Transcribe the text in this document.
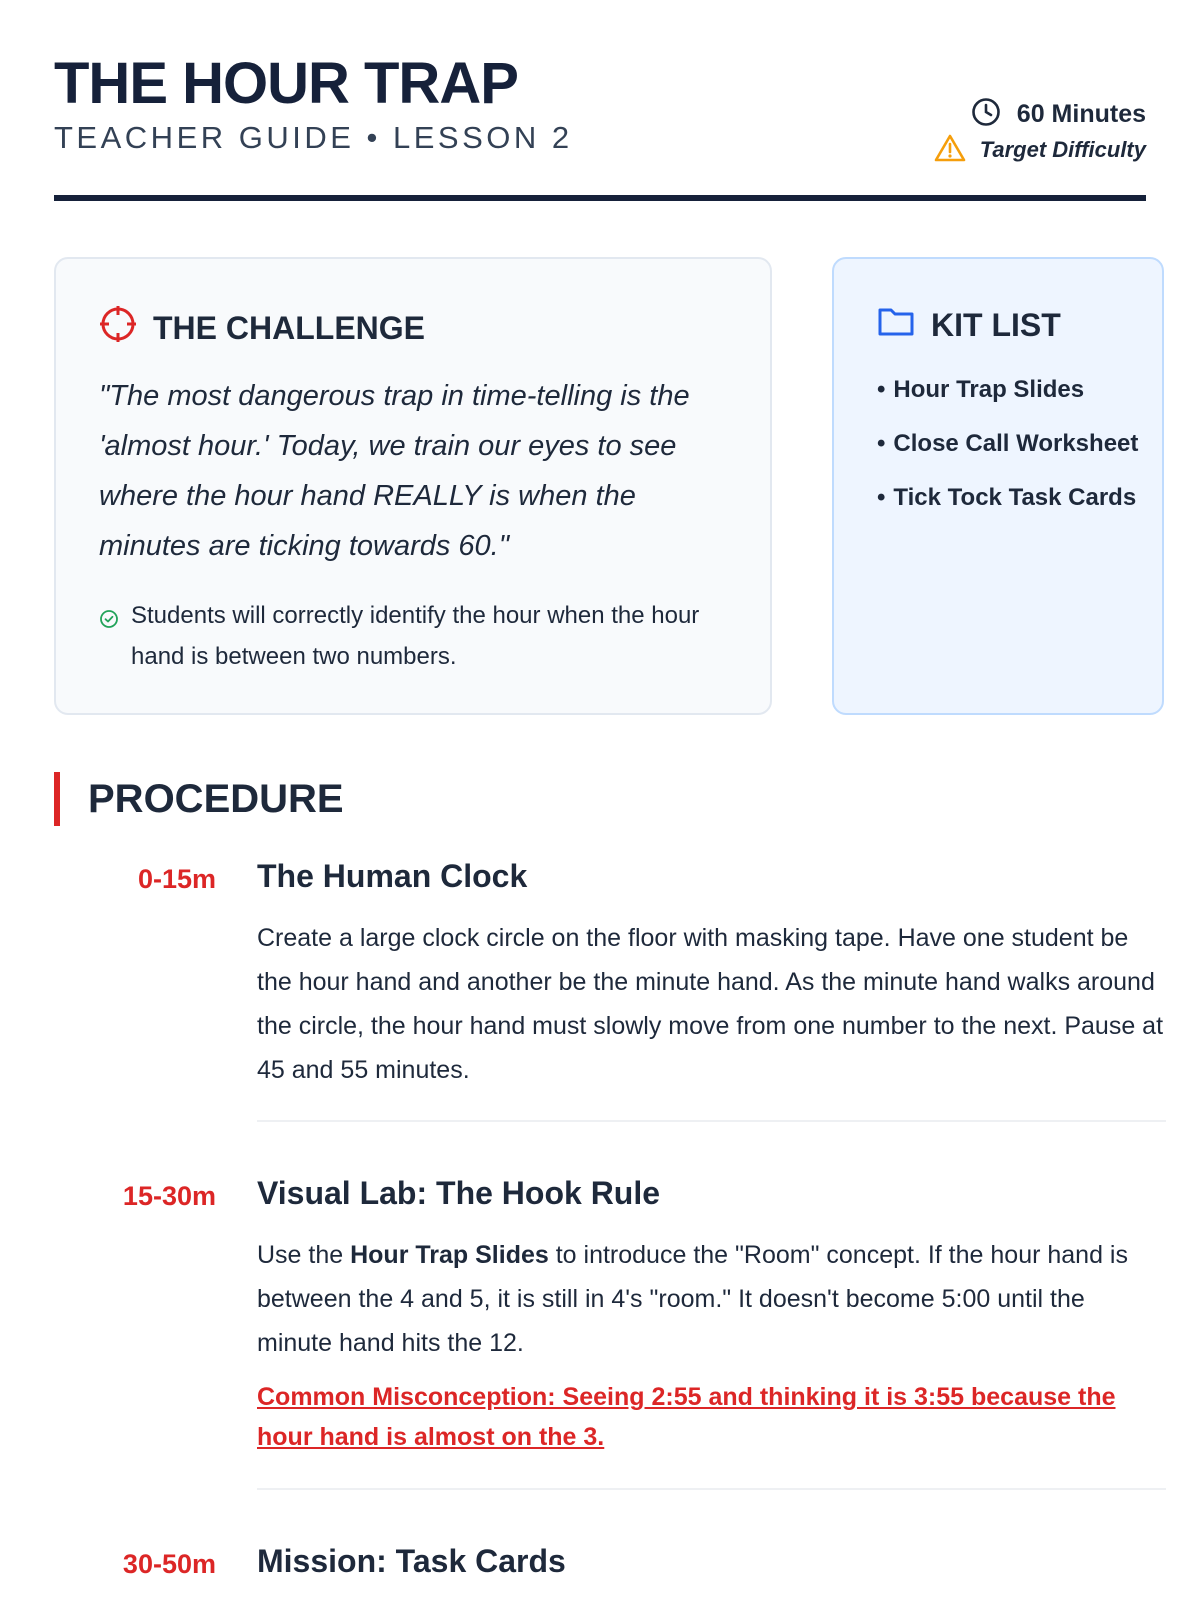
THE HOUR TRAP
TEACHER GUIDE • LESSON 2
60 Minutes
Target Difficulty
THE CHALLENGE

"The most dangerous trap in time-telling is the 'almost hour.' Today, we train our eyes to see where the hour hand REALLY is when the minutes are ticking towards 60."

Students will correctly identify the hour when the hour hand is between two numbers.
KIT LIST
• Hour Trap Slides
• Close Call Worksheet
• Tick Tock Task Cards
PROCEDURE
0-15m The Human Clock

Create a large clock circle on the floor with masking tape. Have one student be the hour hand and another be the minute hand. As the minute hand walks around the circle, the hour hand must slowly move from one number to the next. Pause at 45 and 55 minutes.

15-30m Visual Lab: The Hook Rule

Use the Hour Trap Slides to introduce the "Room" concept. If the hour hand is between the 4 and 5, it is still in 4's "room." It doesn't become 5:00 until the minute hand hits the 12.

Common Misconception: Seeing 2:55 and thinking it is 3:55 because the hour hand is almost on the 3.

30-50m Mission: Task Cards
